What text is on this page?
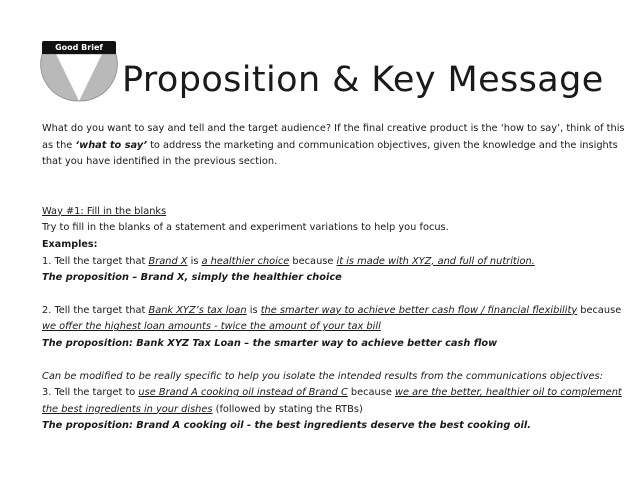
Good Brief
Proposition & Key Message

What do you want to say and tell and the target audience? If the final creative product is the ‘how to say’, think of this

as the ‘what to say’ to address the marketing and communication objectives, given the knowledge and the insights

that you have identified in the previous section.

Way #1: Fill in the blanks

Try to fill in the blanks of a statement and experiment variations to help you focus.

Examples:

1. Tell the target that Brand X is a healthier choice because it is made with XYZ, and full of nutrition.

The proposition – Brand X, simply the healthier choice

2. Tell the target that Bank XYZ’s tax loan is the smarter way to achieve better cash flow / financial flexibility because

we offer the highest loan amounts - twice the amount of your tax bill

The proposition: Bank XYZ Tax Loan – the smarter way to achieve better cash flow

Can be modified to be really specific to help you isolate the intended results from the communications objectives:

3. Tell the target to use Brand A cooking oil instead of Brand C because we are the better, healthier oil to complement

the best ingredients in your dishes (followed by stating the RTBs)

The proposition: Brand A cooking oil - the best ingredients deserve the best cooking oil.
